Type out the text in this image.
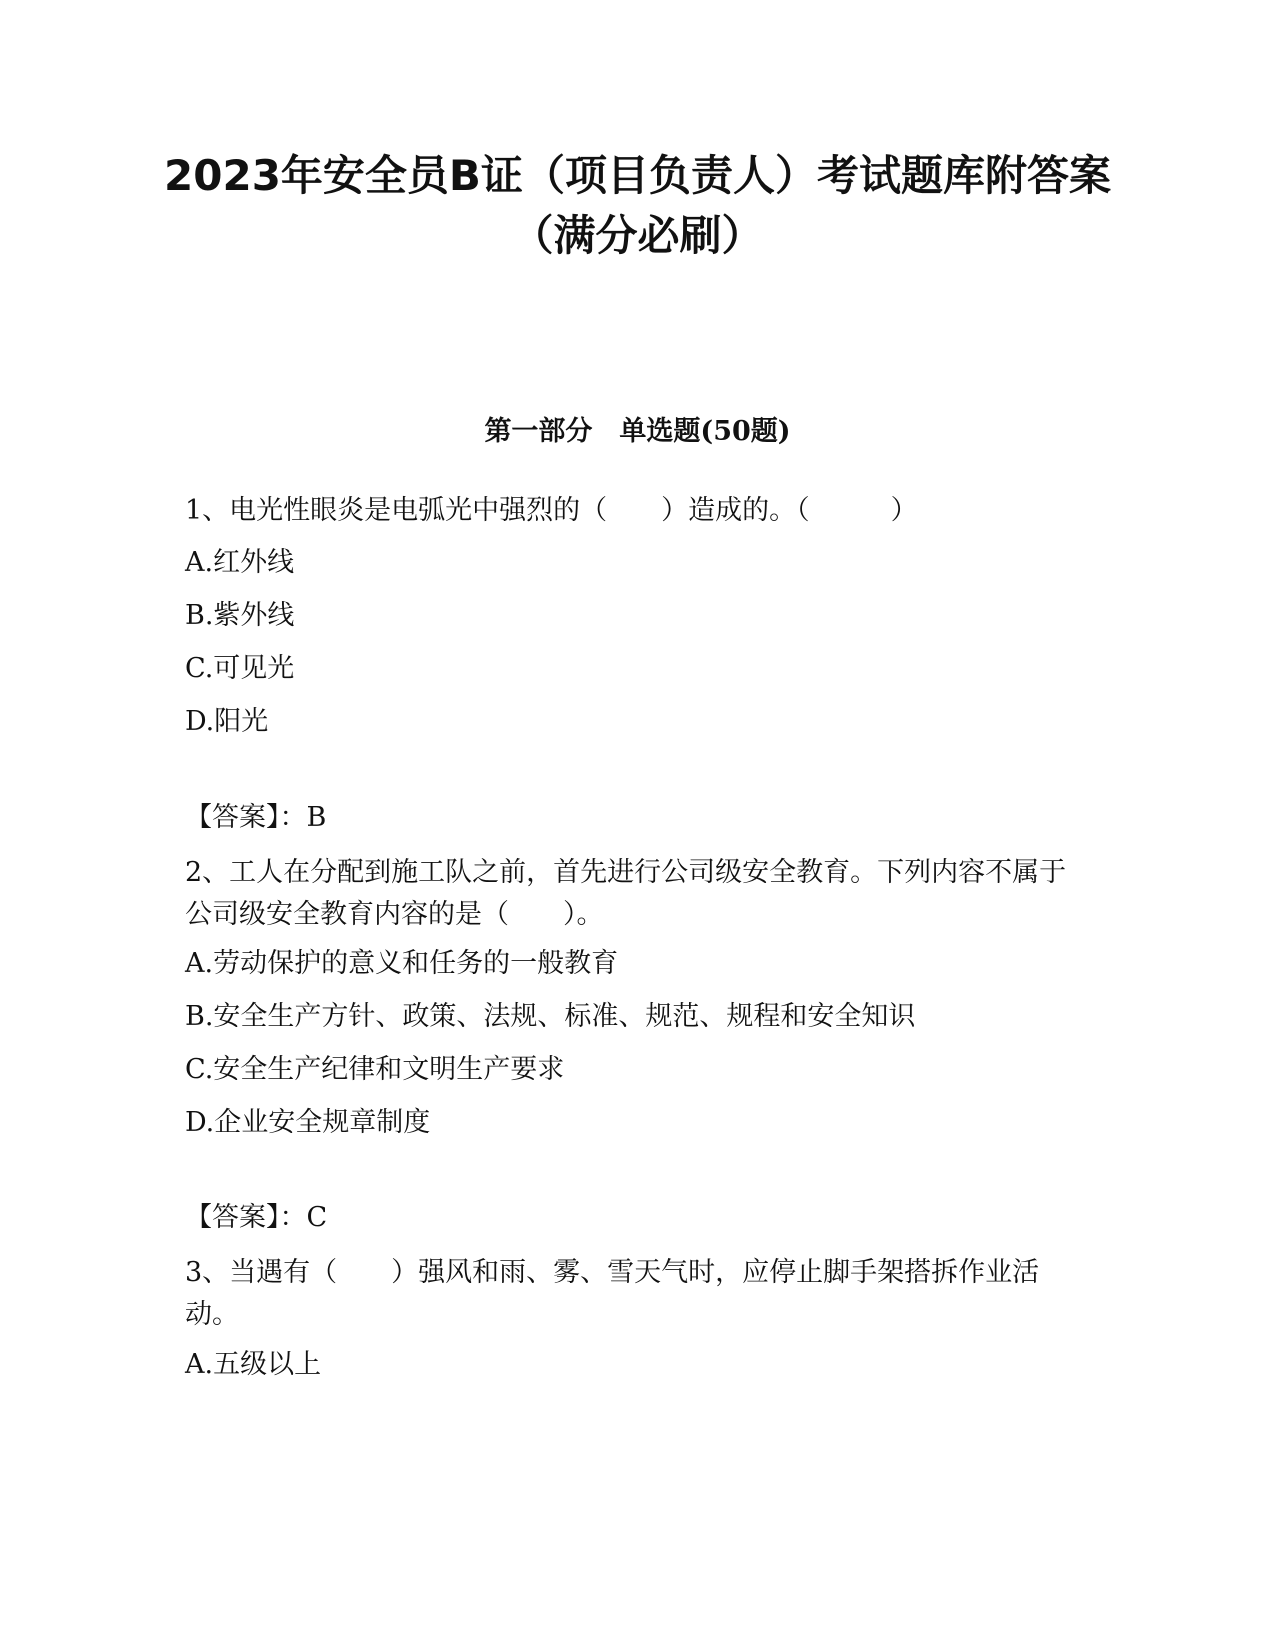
2023年安全员B证（项目负责人）考试题库附答案（满分必刷）
第一部分　单选题(50题)

1、电光性眼炎是电弧光中强烈的（　　）造成的。（　　　）

A.红外线

B.紫外线

C.可见光

D.阳光

【答案】：B

2、工人在分配到施工队之前，首先进行公司级安全教育。下列内容不属于公司级安全教育内容的是（　　）。

A.劳动保护的意义和任务的一般教育

B.安全生产方针、政策、法规、标准、规范、规程和安全知识

C.安全生产纪律和文明生产要求

D.企业安全规章制度

【答案】：C

3、当遇有（　　）强风和雨、雾、雪天气时，应停止脚手架搭拆作业活动。

A.五级以上
